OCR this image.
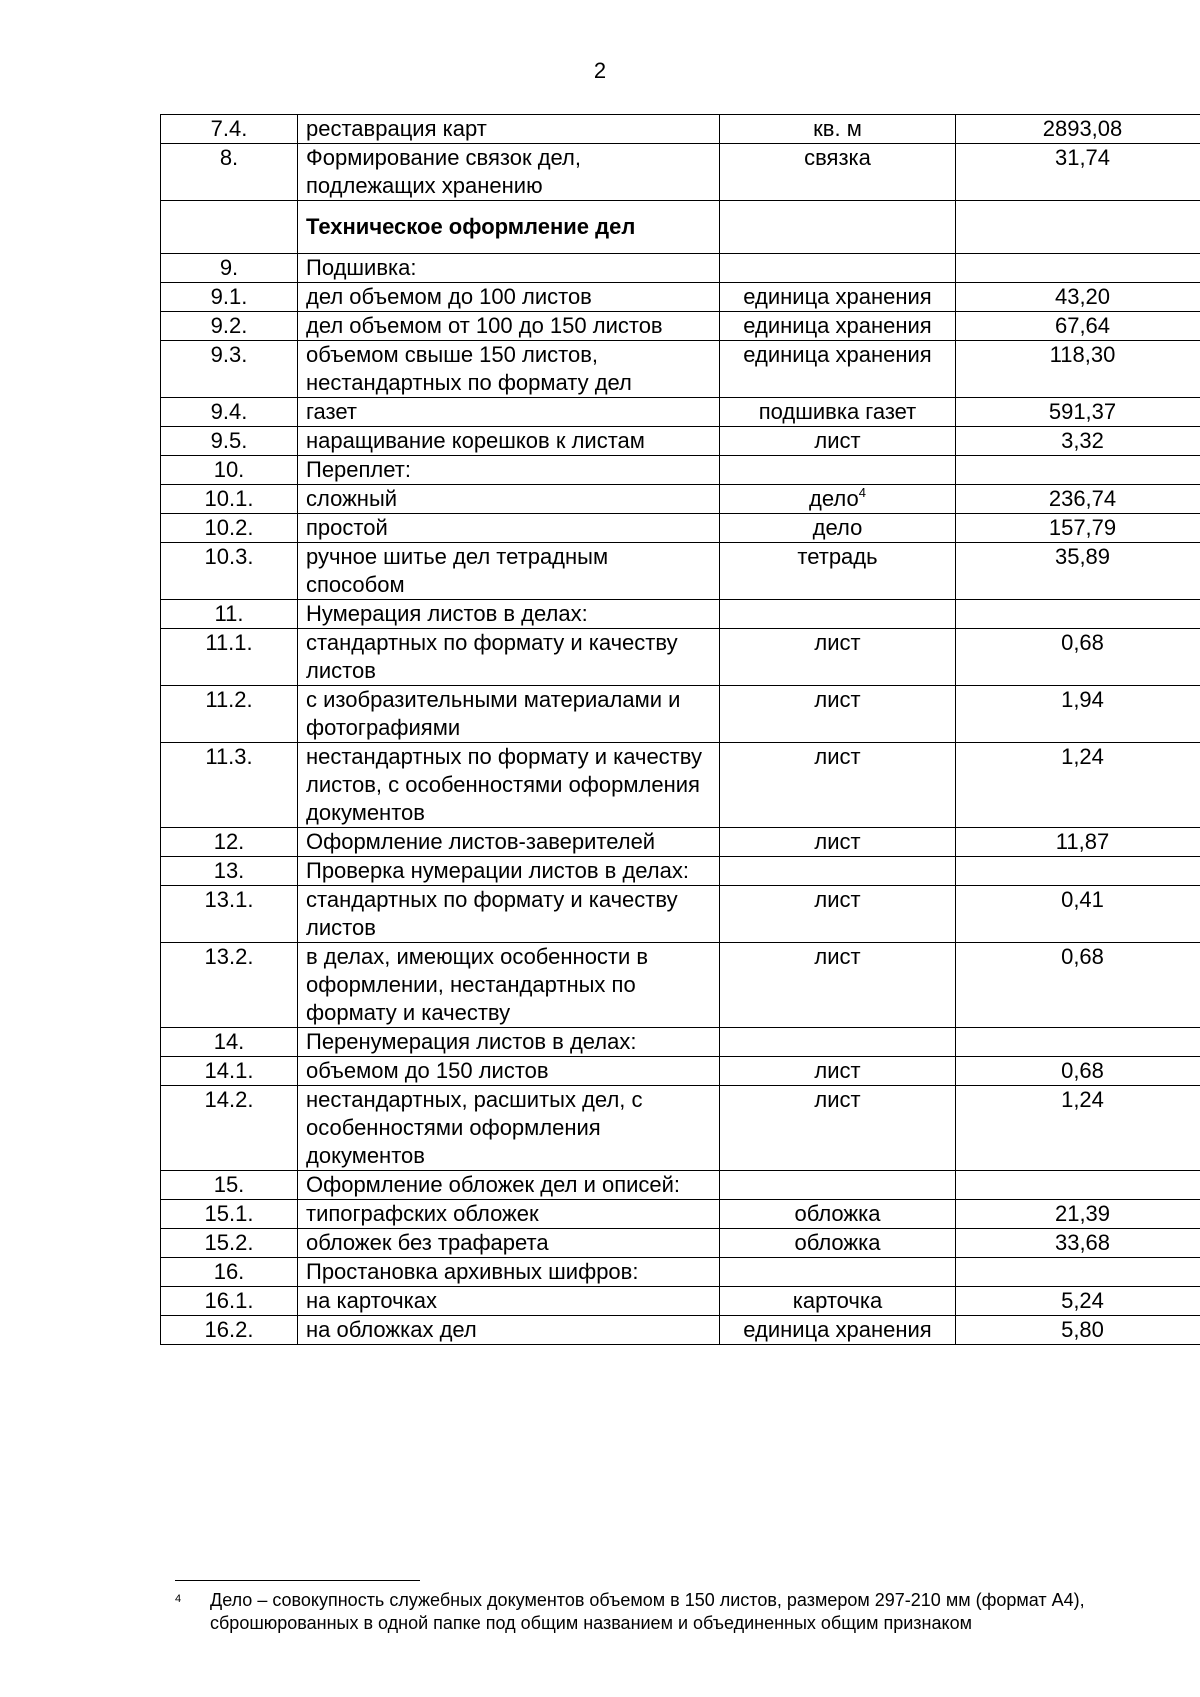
2
7.4.	реставрация карт	кв. м	2893,08
8.	Формирование связок дел, подлежащих хранению	связка	31,74
	Техническое оформление дел		
9.	Подшивка:		
9.1.	дел объемом до 100 листов	единица хранения	43,20
9.2.	дел объемом от 100 до 150 листов	единица хранения	67,64
9.3.	объемом свыше 150 листов, нестандартных по формату дел	единица хранения	118,30
9.4.	газет	подшивка газет	591,37
9.5.	наращивание корешков к листам	лист	3,32
10.	Переплет:		
10.1.	сложный	дело$^4$	236,74
10.2.	простой	дело	157,79
10.3.	ручное шитье дел тетрадным способом	тетрадь	35,89
11.	Нумерация листов в делах:		
11.1.	стандартных по формату и качеству листов	лист	0,68
11.2.	с изобразительными материалами и фотографиями	лист	1,94
11.3.	нестандартных по формату и качеству листов, с особенностями оформления документов	лист	1,24
12.	Оформление листов-заверителей	лист	11,87
13.	Проверка нумерации листов в делах:		
13.1.	стандартных по формату и качеству листов	лист	0,41
13.2.	в делах, имеющих особенности в оформлении, нестандартных по формату и качеству	лист	0,68
14.	Перенумерация листов в делах:		
14.1.	объемом до 150 листов	лист	0,68
14.2.	нестандартных, расшитых дел, с особенностями оформления документов	лист	1,24
15.	Оформление обложек дел и описей:		
15.1.	типографских обложек	обложка	21,39
15.2.	обложек без трафарета	обложка	33,68
16.	Простановка архивных шифров:		
16.1.	на карточках	карточка	5,24
16.2.	на обложках дел	единица хранения	5,80
4 Дело – совокупность служебных документов объемом в 150 листов, размером 297-210 мм (формат А4), сброшюрованных в одной папке под общим названием и объединенных общим признаком
